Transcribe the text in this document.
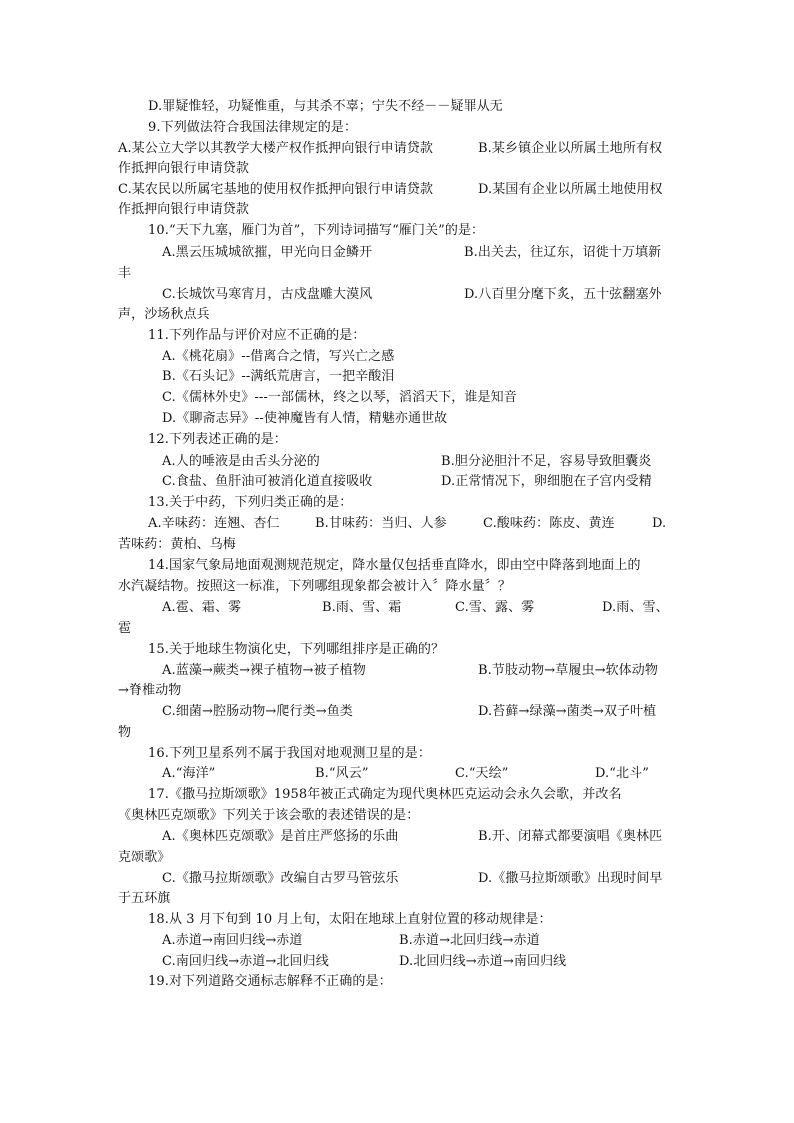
D.罪疑惟轻，功疑惟重，与其杀不辜；宁失不经－－疑罪从无
9.下列做法符合我国法律规定的是：
A.某公立大学以其教学大楼产权作抵押向银行申请贷款	B.某乡镇企业以所属土地所有权
作抵押向银行申请贷款
C.某农民以所属宅基地的使用权作抵押向银行申请贷款	D.某国有企业以所属土地使用权
作抵押向银行申请贷款
10.“天下九塞，雁门为首”，下列诗词描写“雁门关”的是：
A.黑云压城城欲摧，甲光向日金鳞开	B.出关去，往辽东，诏徙十万填新
丰
C.长城饮马寒宵月，古戍盘雕大漠风	D.八百里分麾下炙，五十弦翻塞外
声，沙场秋点兵
11.下列作品与评价对应不正确的是：
A.《桃花扇》--借离合之情，写兴亡之感
B.《石头记》--满纸荒唐言，一把辛酸泪
C.《儒林外史》---一部儒林，终之以琴，滔滔天下，谁是知音
D.《聊斋志异》--使神魔皆有人情，精魅亦通世故
12.下列表述正确的是：
A.人的唾液是由舌头分泌的	B.胆分泌胆汁不足，容易导致胆囊炎
C.食盐、鱼肝油可被消化道直接吸收	D.正常情况下，卵细胞在子宫内受精
13.关于中药，下列归类正确的是：
A.辛味药：连翘、杏仁	B.甘味药：当归、人参	C.酸味药：陈皮、黄连	D.
苦味药：黄柏、乌梅
14.国家气象局地面观测规范规定，降水量仅包括垂直降水，即由空中降落到地面上的
水汽凝结物。按照这一标准，下列哪组现象都会被计入〞降水量〞？
A.雹、霜、雾	B.雨、雪、霜	C.雪、露、雾	D.雨、雪、
雹
15.关于地球生物演化史，下列哪组排序是正确的？
A.蓝藻→蕨类→裸子植物→被子植物	B.节肢动物→草履虫→软体动物
→脊椎动物
C.细菌→腔肠动物→爬行类→鱼类	D.苔藓→绿藻→菌类→双子叶植
物
16.下列卫星系列不属于我国对地观测卫星的是：
A.“海洋”	B.“风云”	C.“天绘”	D.“北斗”
17.《撒马拉斯颂歌》1958年被正式确定为现代奥林匹克运动会永久会歌，并改名
《奥林匹克颂歌》下列关于该会歌的表述错误的是：
A.《奥林匹克颂歌》是首庄严悠扬的乐曲	B.开、闭幕式都要演唱《奥林匹
克颂歌》
C.《撒马拉斯颂歌》改编自古罗马管弦乐	D.《撒马拉斯颂歌》出现时间早
于五环旗
18.从 3 月下旬到 10 月上旬，太阳在地球上直射位置的移动规律是：
A.赤道→南回归线→赤道	B.赤道→北回归线→赤道
C.南回归线→赤道→北回归线	D.北回归线→赤道→南回归线
19.对下列道路交通标志解释不正确的是：
